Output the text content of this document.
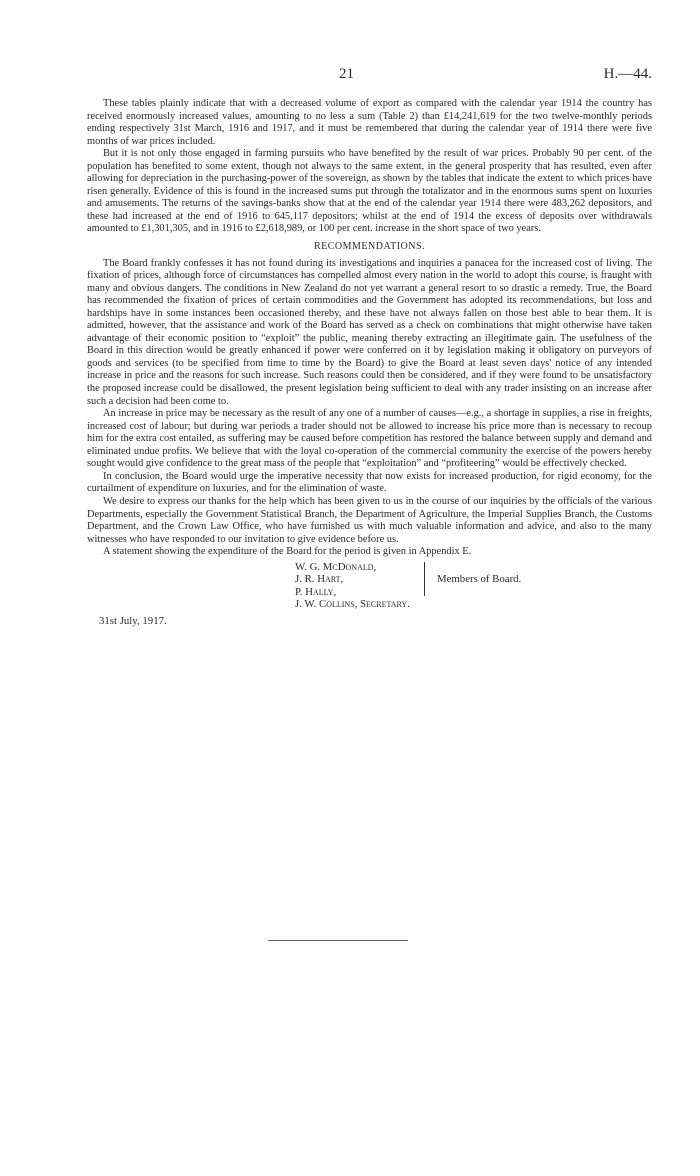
21	H.—44.

These tables plainly indicate that with a decreased volume of export as compared with the calendar year 1914 the country has received enormously increased values, amounting to no less a sum (Table 2) than £14,241,619 for the two twelve-monthly periods ending respectively 31st March, 1916 and 1917, and it must be remembered that during the calendar year of 1914 there were five months of war prices included.

But it is not only those engaged in farming pursuits who have benefited by the result of war prices. Probably 90 per cent. of the population has benefited to some extent, though not always to the same extent, in the general prosperity that has resulted, even after allowing for depreciation in the purchasing-power of the sovereign, as shown by the tables that indicate the extent to which prices have risen generally. Evidence of this is found in the increased sums put through the totalizator and in the enormous sums spent on luxuries and amusements. The returns of the savings-banks show that at the end of the calendar year 1914 there were 483,262 depositors, and these had increased at the end of 1916 to 645,117 depositors; whilst at the end of 1914 the excess of deposits over withdrawals amounted to £1,301,305, and in 1916 to £2,618,989, or 100 per cent. increase in the short space of two years.

RECOMMENDATIONS.

The Board frankly confesses it has not found during its investigations and inquiries a panacea for the increased cost of living. The fixation of prices, although force of circumstances has compelled almost every nation in the world to adopt this course, is fraught with many and obvious dangers. The conditions in New Zealand do not yet warrant a general resort to so drastic a remedy. True, the Board has recommended the fixation of prices of certain commodities and the Government has adopted its recommendations, but loss and hardships have in some instances been occasioned thereby, and these have not always fallen on those best able to bear them. It is admitted, however, that the assistance and work of the Board has served as a check on combinations that might otherwise have taken advantage of their economic position to “exploit” the public, meaning thereby extracting an illegitimate gain. The usefulness of the Board in this direction would be greatly enhanced if power were conferred on it by legislation making it obligatory on purveyors of goods and services (to be specified from time to time by the Board) to give the Board at least seven days' notice of any intended increase in price and the reasons for such increase. Such reasons could then be considered, and if they were found to be unsatisfactory the proposed increase could be disallowed, the present legislation being sufficient to deal with any trader insisting on an increase after such a decision had been come to.

An increase in price may be necessary as the result of any one of a number of causes—e.g., a shortage in supplies, a rise in freights, increased cost of labour; but during war periods a trader should not be allowed to increase his price more than is necessary to recoup him for the extra cost entailed, as suffering may be caused before competition has restored the balance between supply and demand and eliminated undue profits. We believe that with the loyal co-operation of the commercial community the exercise of the powers hereby sought would give confidence to the great mass of the people that “exploitation” and “profiteering” would be effectively checked.

In conclusion, the Board would urge the imperative necessity that now exists for increased production, for rigid economy, for the curtailment of expenditure on luxuries, and for the elimination of waste.

We desire to express our thanks for the help which has been given to us in the course of our inquiries by the officials of the various Departments, especially the Government Statistical Branch, the Department of Agriculture, the Imperial Supplies Branch, the Customs Department, and the Crown Law Office, who have furnished us with much valuable information and advice, and also to the many witnesses who have responded to our invitation to give evidence before us.

A statement showing the expenditure of the Board for the period is given in Appendix E.

W. G. McDonald,
J. R. Hart,
P. Hally,
Members of Board.
J. W. Collins, Secretary.
31st July, 1917.
